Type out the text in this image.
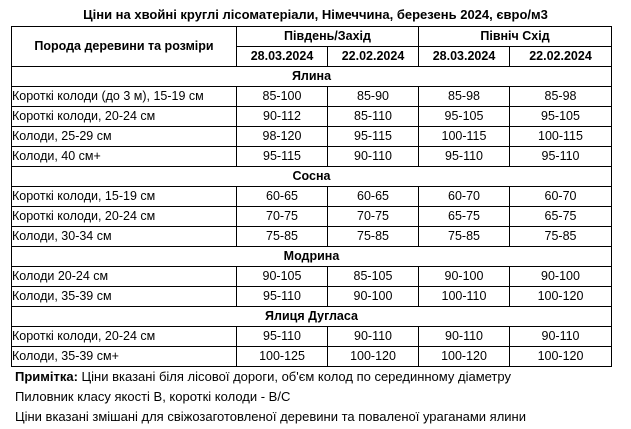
Ціни на хвойні круглі лісоматеріали, Німеччина, березень 2024, євро/м3
Порода деревини та розміри	Південь/Захід		Північ Схід	
	28.03.2024	22.02.2024	28.03.2024	22.02.2024
Ялина				
Короткі колоди (до 3 м), 15-19 см	85-100	85-90	85-98	85-98
Короткі колоди, 20-24 см	90-112	85-110	95-105	95-105
Колоди, 25-29 см	98-120	95-115	100-115	100-115
Колоди, 40 см+	95-115	90-110	95-110	95-110
Сосна				
Короткі колоди, 15-19 см	60-65	60-65	60-70	60-70
Короткі колоди, 20-24 см	70-75	70-75	65-75	65-75
Колоди, 30-34 см	75-85	75-85	75-85	75-85
Модрина				
Колоди 20-24 см	90-105	85-105	90-100	90-100
Колоди, 35-39 см	95-110	90-100	100-110	100-120
Ялиця Дугласа				
Короткі колоди, 20-24 см	95-110	90-110	90-110	90-110
Колоди, 35-39 см+	100-125	100-120	100-120	100-120
Примітка: Ціни вказані біля лісової дороги, об'єм колод по серединному діаметру
Пиловник класу якості В, короткі колоди - В/С
Ціни вказані змішані для свіжозаготовленої деревини та поваленої ураганами ялини
